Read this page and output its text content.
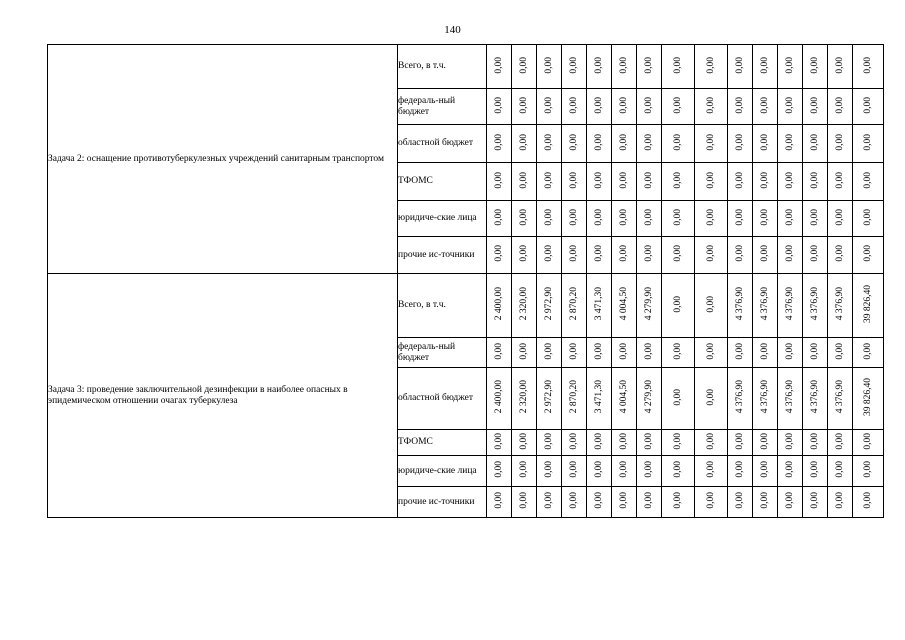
140
Задача 2: оснащение противотуберкулезных учреждений санитарным транспортом	Всего, в т.ч.	0,00	0,00	0,00	0,00	0,00	0,00	0,00	0,00	0,00	0,00	0,00	0,00	0,00	0,00	0,00
	федераль-ный бюджет	0,00	0,00	0,00	0,00	0,00	0,00	0,00	0,00	0,00	0,00	0,00	0,00	0,00	0,00	0,00
	областной бюджет	0,00	0,00	0,00	0,00	0,00	0,00	0,00	0,00	0,00	0,00	0,00	0,00	0,00	0,00	0,00
	ТФОМС	0,00	0,00	0,00	0,00	0,00	0,00	0,00	0,00	0,00	0,00	0,00	0,00	0,00	0,00	0,00
	юридиче-ские лица	0,00	0,00	0,00	0,00	0,00	0,00	0,00	0,00	0,00	0,00	0,00	0,00	0,00	0,00	0,00
	прочие ис-точники	0,00	0,00	0,00	0,00	0,00	0,00	0,00	0,00	0,00	0,00	0,00	0,00	0,00	0,00	0,00
Задача 3: проведение заключительной дезинфекции в наиболее опасных в эпидемическом отношении очагах туберкулеза	Всего, в т.ч.	2 400,00	2 320,00	2 972,90	2 870,20	3 471,30	4 004,50	4 279,90	0,00	0,00	4 376,90	4 376,90	4 376,90	4 376,90	4 376,90	39 826,40
	федераль-ный бюджет	0,00	0,00	0,00	0,00	0,00	0,00	0,00	0,00	0,00	0,00	0,00	0,00	0,00	0,00	0,00
	областной бюджет	2 400,00	2 320,00	2 972,90	2 870,20	3 471,30	4 004,50	4 279,90	0,00	0,00	4 376,90	4 376,90	4 376,90	4 376,90	4 376,90	39 826,40
	ТФОМС	0,00	0,00	0,00	0,00	0,00	0,00	0,00	0,00	0,00	0,00	0,00	0,00	0,00	0,00	0,00
	юридиче-ские лица	0,00	0,00	0,00	0,00	0,00	0,00	0,00	0,00	0,00	0,00	0,00	0,00	0,00	0,00	0,00
	прочие ис-точники	0,00	0,00	0,00	0,00	0,00	0,00	0,00	0,00	0,00	0,00	0,00	0,00	0,00	0,00	0,00
